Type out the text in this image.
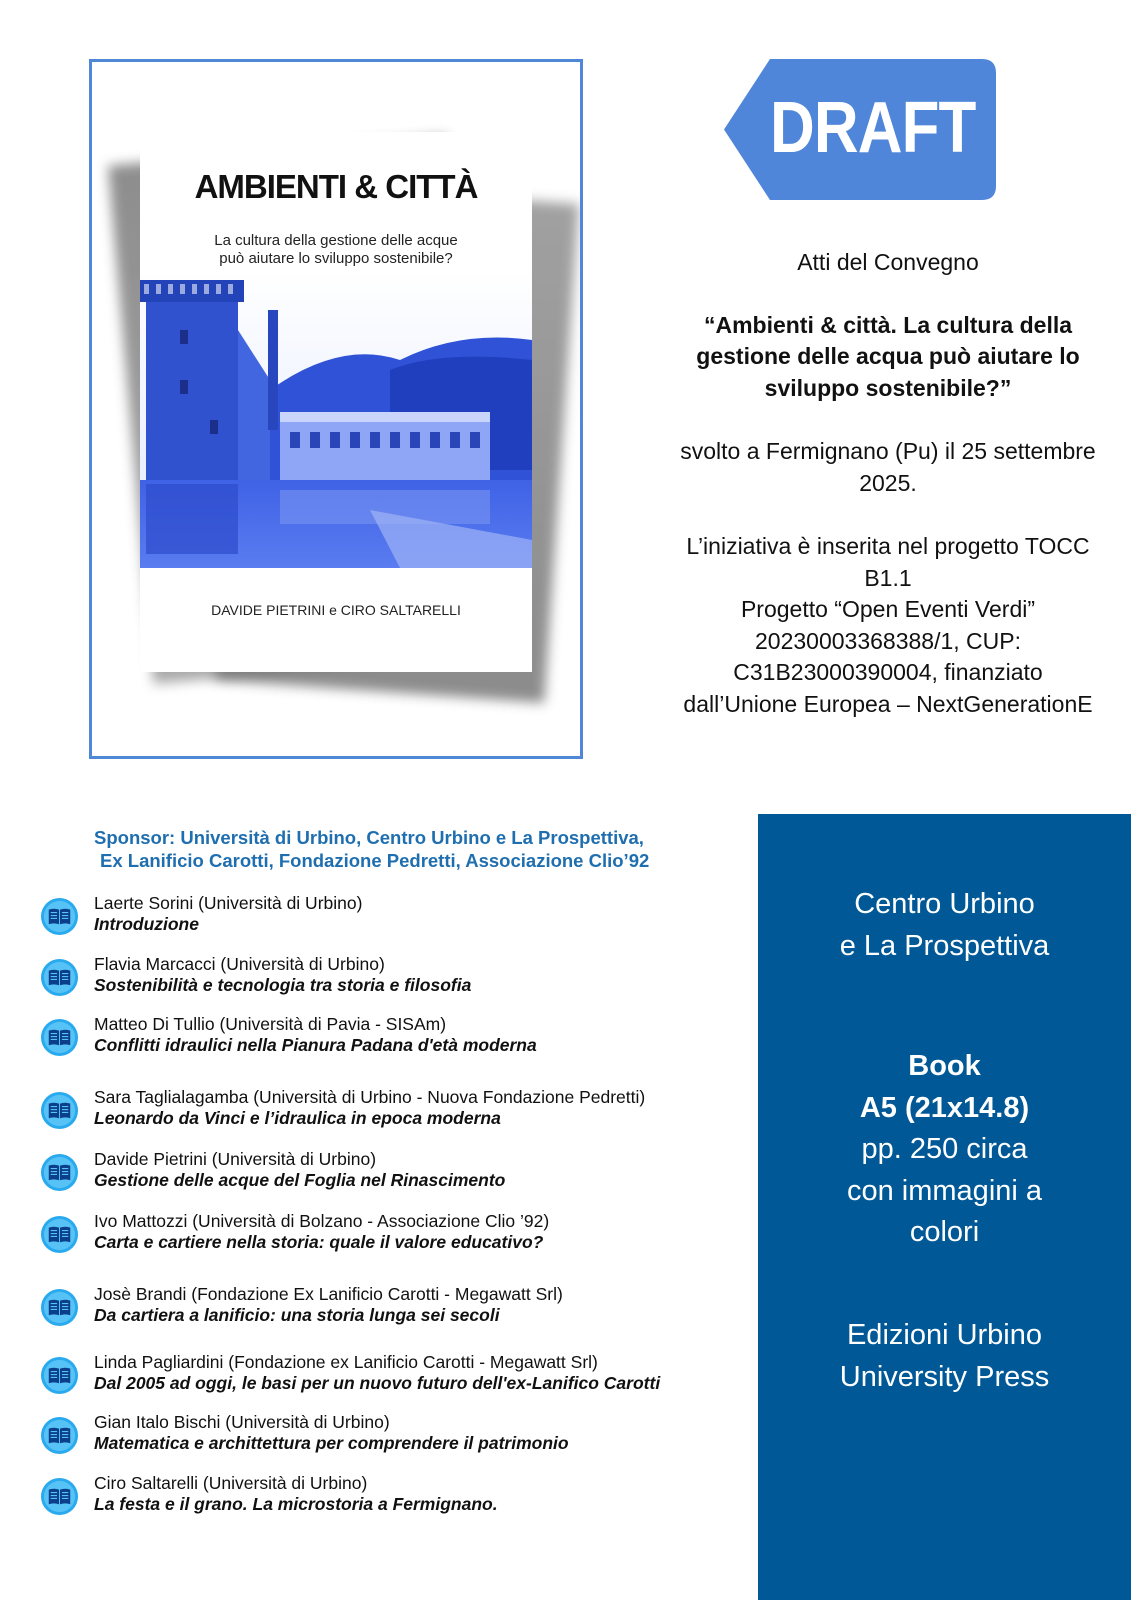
AMBIENTI & CITTÀ
La cultura della gestione delle acque
può aiutare lo sviluppo sostenibile?
DAVIDE PIETRINI e CIRO SALTARELLI
DRAFT

Atti del Convegno

“Ambienti & città. La cultura della gestione delle acqua può aiutare lo sviluppo sostenibile?”

svolto a Fermignano (Pu) il 25 settembre 2025.

L’iniziativa è inserita nel progetto TOCC B1.1
Progetto “Open Eventi Verdi” 20230003368388/1, CUP: C31B23000390004, finanziato dall’Unione Europea – NextGenerationE

Sponsor: Università di Urbino, Centro Urbino e La Prospettiva,
Ex Lanificio Carotti, Fondazione Pedretti, Associazione Clio’92
Laerte Sorini (Università di Urbino)
Introduzione
Flavia Marcacci (Università di Urbino)
Sostenibilità e tecnologia tra storia e filosofia
Matteo Di Tullio (Università di Pavia - SISAm)
Conflitti idraulici nella Pianura Padana d'età moderna
Sara Taglialagamba (Università di Urbino - Nuova Fondazione Pedretti)
Leonardo da Vinci e l’idraulica in epoca moderna
Davide Pietrini (Università di Urbino)
Gestione delle acque del Foglia nel Rinascimento
Ivo Mattozzi (Università di Bolzano - Associazione Clio ’92)
Carta e cartiere nella storia: quale il valore educativo?
Josè Brandi (Fondazione Ex Lanificio Carotti - Megawatt Srl)
Da cartiera a lanificio: una storia lunga sei secoli
Linda Pagliardini (Fondazione ex Lanificio Carotti - Megawatt Srl)
Dal 2005 ad oggi, le basi per un nuovo futuro dell'ex-Lanifico Carotti
Gian Italo Bischi (Università di Urbino)
Matematica e archittettura per comprendere il patrimonio
Ciro Saltarelli (Università di Urbino)
La festa e il grano. La microstoria a Fermignano.
Centro Urbino
e La Prospettiva
Book
A5 (21x14.8)
pp. 250 circa
con immagini a
colori
Edizioni Urbino
University Press
